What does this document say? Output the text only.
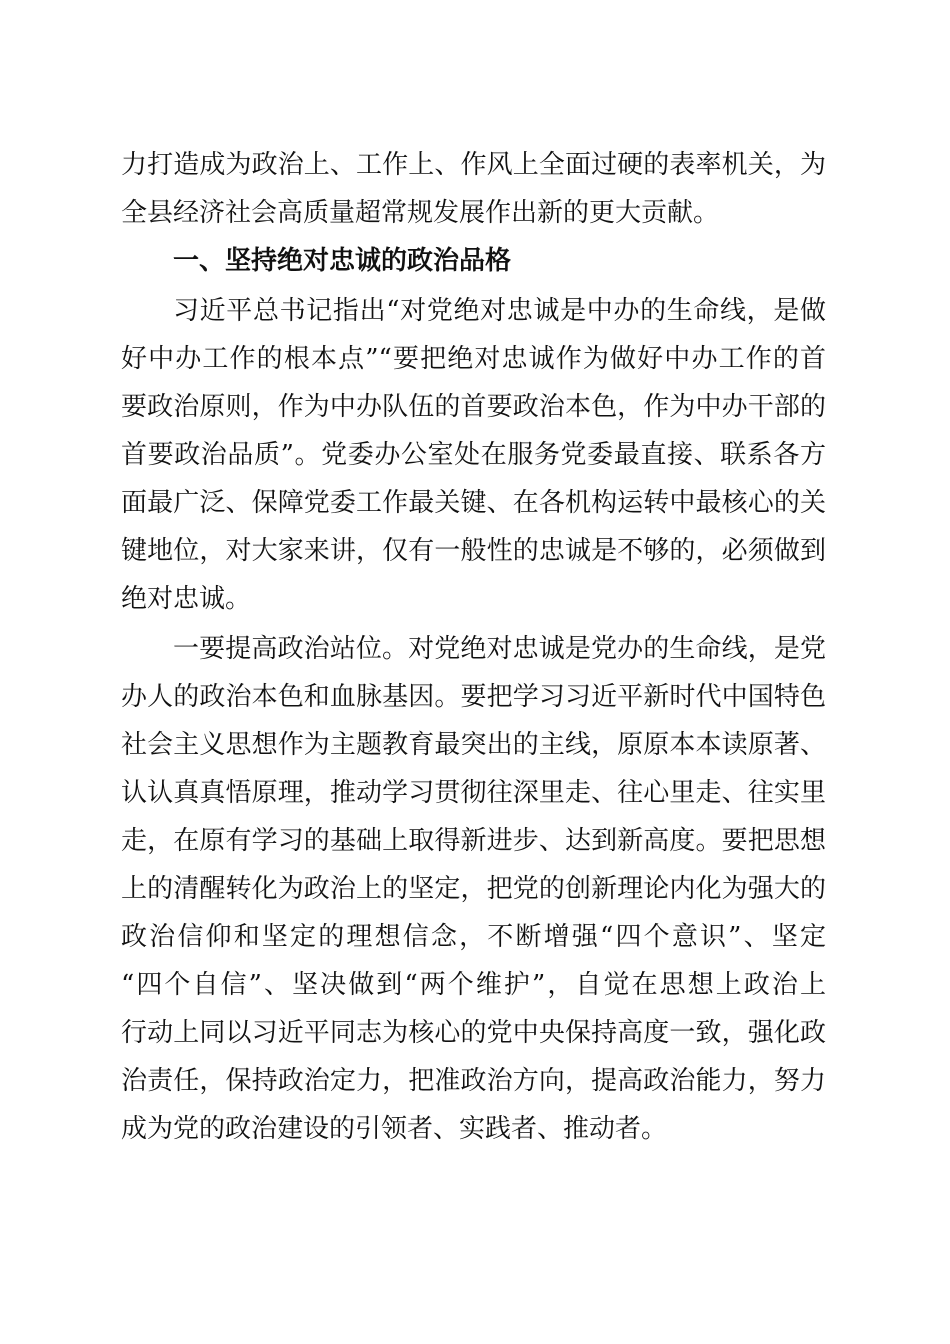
力打造成为政治上、工作上、作风上全面过硬的表率机关，为
全县经济社会高质量超常规发展作出新的更大贡献。
一、坚持绝对忠诚的政治品格
习近平总书记指出“对党绝对忠诚是中办的生命线，是做
好中办工作的根本点”“要把绝对忠诚作为做好中办工作的首
要政治原则，作为中办队伍的首要政治本色，作为中办干部的
首要政治品质”。党委办公室处在服务党委最直接、联系各方
面最广泛、保障党委工作最关键、在各机构运转中最核心的关
键地位，对大家来讲，仅有一般性的忠诚是不够的，必须做到
绝对忠诚。
一要提高政治站位。对党绝对忠诚是党办的生命线，是党
办人的政治本色和血脉基因。要把学习习近平新时代中国特色
社会主义思想作为主题教育最突出的主线，原原本本读原著、
认认真真悟原理，推动学习贯彻往深里走、往心里走、往实里
走，在原有学习的基础上取得新进步、达到新高度。要把思想
上的清醒转化为政治上的坚定，把党的创新理论内化为强大的
政治信仰和坚定的理想信念，不断增强“四个意识”、坚定
“四个自信”、坚决做到“两个维护”，自觉在思想上政治上
行动上同以习近平同志为核心的党中央保持高度一致，强化政
治责任，保持政治定力，把准政治方向，提高政治能力，努力
成为党的政治建设的引领者、实践者、推动者。
